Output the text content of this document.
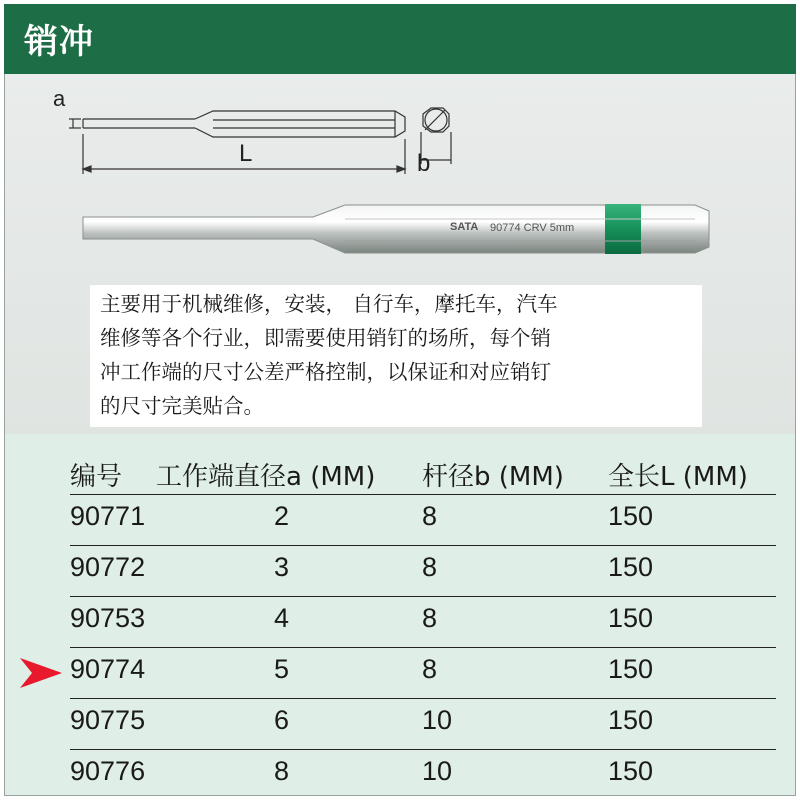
销冲
a
L	b
SATA 90774 CRV 5mm

主要用于机械维修，安装， 自行车，摩托车，汽车
维修等各个行业，即需要使用销钉的场所，每个销
冲工作端的尺寸公差严格控制，以保证和对应销钉
的尺寸完美贴合。

编号 工作端直径a (MM) 杆径b (MM) 全长L (MM)
90771	2	8	150
90772	3	8	150
90753	4	8	150
90774	5	8	150
90775	6	10	150
90776	8	10	150
